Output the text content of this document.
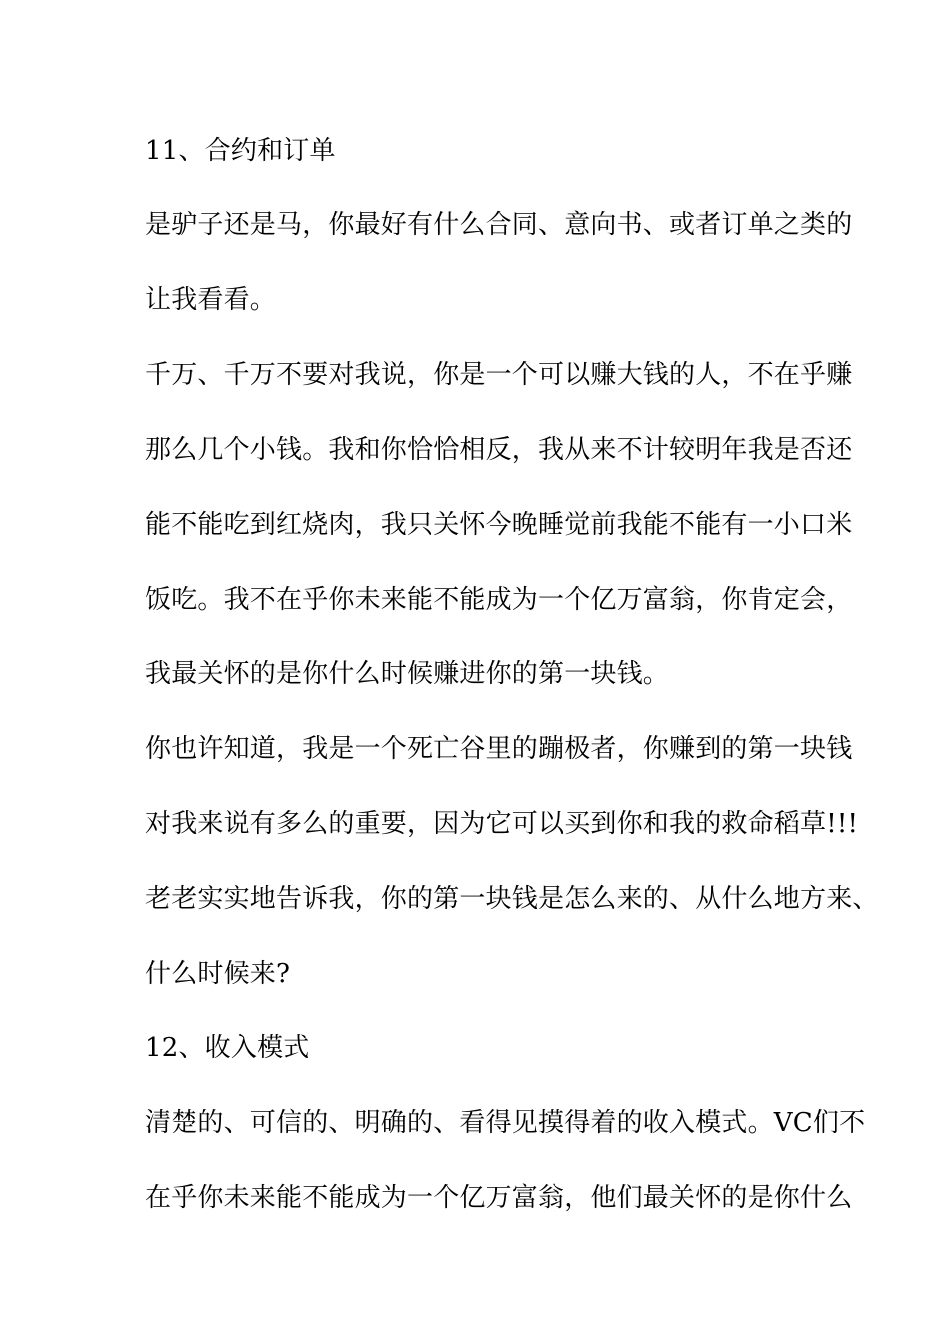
11、合约和订单
是驴子还是马，你最好有什么合同、意向书、或者订单之类的
让我看看。
千万、千万不要对我说，你是一个可以赚大钱的人，不在乎赚
那么几个小钱。我和你恰恰相反，我从来不计较明年我是否还
能不能吃到红烧肉，我只关怀今晚睡觉前我能不能有一小口米
饭吃。我不在乎你未来能不能成为一个亿万富翁，你肯定会，
我最关怀的是你什么时候赚进你的第一块钱。
你也许知道，我是一个死亡谷里的蹦极者，你赚到的第一块钱
对我来说有多么的重要，因为它可以买到你和我的救命稻草!!!
老老实实地告诉我，你的第一块钱是怎么来的、从什么地方来、
什么时候来?
12、收入模式
清楚的、可信的、明确的、看得见摸得着的收入模式。VC们不
在乎你未来能不能成为一个亿万富翁，他们最关怀的是你什么
